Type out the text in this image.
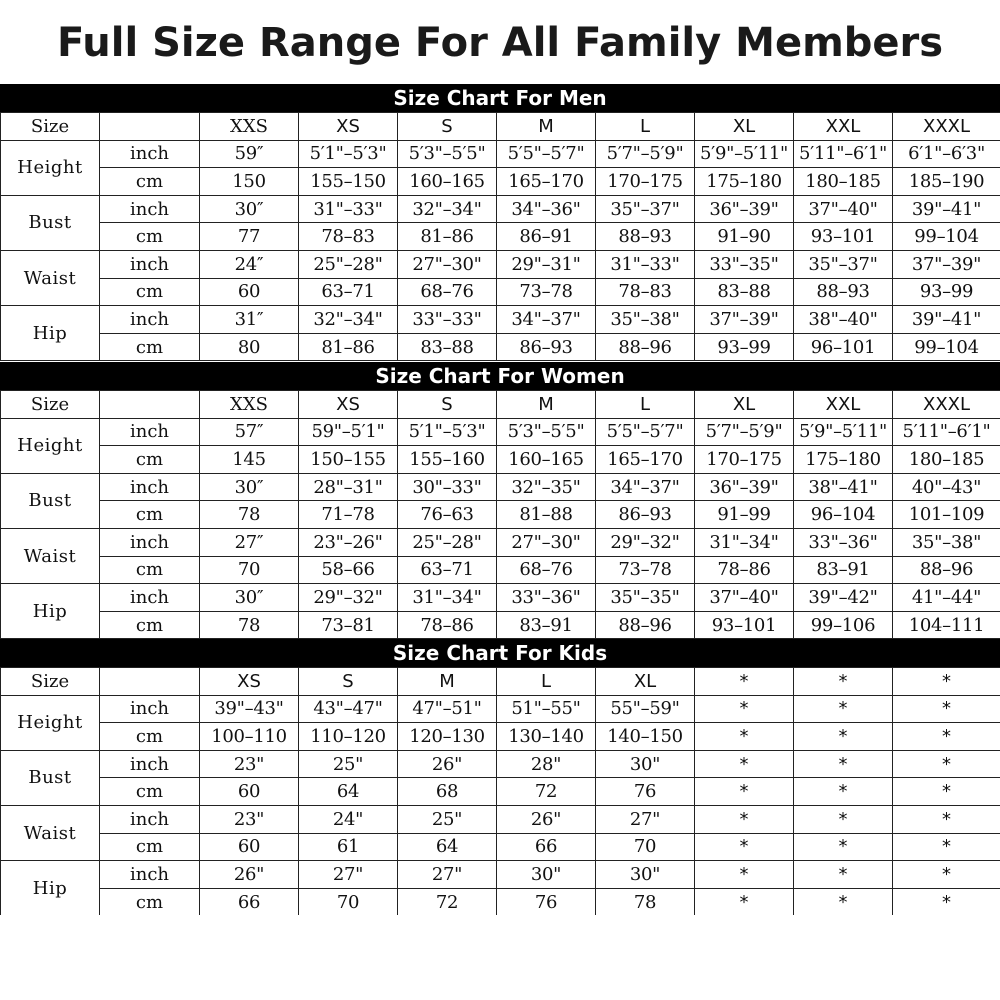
Full Size Range For All Family Members
Size Chart For Men
Size		XXS	XS	S	M	L	XL	XXL	XXXL
Height	inch	59″	5′1"–5′3"	5′3"–5′5"	5′5"–5′7"	5′7"–5′9"	5′9"–5′11"	5′11"–6′1"	6′1"–6′3"
	cm	150	155–150	160–165	165–170	170–175	175–180	180–185	185–190
Bust	inch	30″	31"–33"	32"–34"	34"–36"	35"–37"	36"–39"	37"–40"	39"–41"
	cm	77	78–83	81–86	86–91	88–93	91–90	93–101	99–104
Waist	inch	24″	25"–28"	27"–30"	29"–31"	31"–33"	33"–35"	35"–37"	37"–39"
	cm	60	63–71	68–76	73–78	78–83	83–88	88–93	93–99
Hip	inch	31″	32"–34"	33"–33"	34"–37"	35"–38"	37"–39"	38"–40"	39"–41"
	cm	80	81–86	83–88	86–93	88–96	93–99	96–101	99–104
Size Chart For Women
Size		XXS	XS	S	M	L	XL	XXL	XXXL
Height	inch	57″	59"–5′1"	5′1"–5′3"	5′3"–5′5"	5′5"–5′7"	5′7"–5′9"	5′9"–5′11"	5′11"–6′1"
	cm	145	150–155	155–160	160–165	165–170	170–175	175–180	180–185
Bust	inch	30″	28"–31"	30"–33"	32"–35"	34"–37"	36"–39"	38"–41"	40"–43"
	cm	78	71–78	76–63	81–88	86–93	91–99	96–104	101–109
Waist	inch	27″	23"–26"	25"–28"	27"–30"	29"–32"	31"–34"	33"–36"	35"–38"
	cm	70	58–66	63–71	68–76	73–78	78–86	83–91	88–96
Hip	inch	30″	29"–32"	31"–34"	33"–36"	35"–35"	37"–40"	39"–42"	41"–44"
	cm	78	73–81	78–86	83–91	88–96	93–101	99–106	104–111
Size Chart For Kids
Size		XS	S	M	L	XL	*	*	*
Height	inch	39"–43"	43"–47"	47"–51"	51"–55"	55"–59"	*	*	*
	cm	100–110	110–120	120–130	130–140	140–150	*	*	*
Bust	inch	23"	25"	26"	28"	30"	*	*	*
	cm	60	64	68	72	76	*	*	*
Waist	inch	23"	24"	25"	26"	27"	*	*	*
	cm	60	61	64	66	70	*	*	*
Hip	inch	26"	27"	27"	30"	30"	*	*	*
	cm	66	70	72	76	78	*	*	*
